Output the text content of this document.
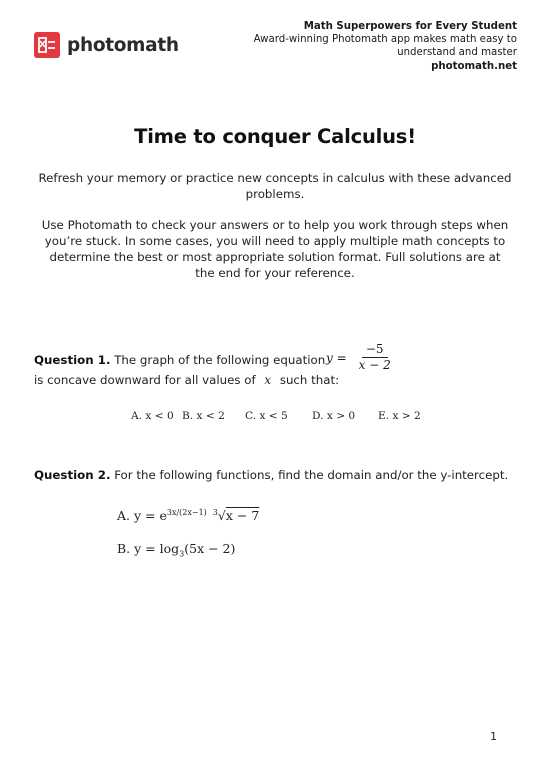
photomath
Math Superpowers for Every Student
Award-winning Photomath app makes math easy to understand and master
photomath.net
Time to conquer Calculus!
Refresh your memory or practice new concepts in calculus with these advanced problems.
Use Photomath to check your answers or to help you work through steps when you’re stuck. In some cases, you will need to apply multiple math concepts to determine the best or most appropriate solution format. Full solutions are at the end for your reference.
Question 1. The graph of the following equation $y = \frac{-5}{x - 2}$
is concave downward for all values of x such that:
A. x < 0 B. x < 2 C. x < 5 D. x > 0 E. x > 2
Question 2. For the following functions, find the domain and/or the y-intercept.
A. $y = e^{3x/(2x-1)}$ $^3$√x − 7
B. $y = \log_3(5x - 2)$
1
